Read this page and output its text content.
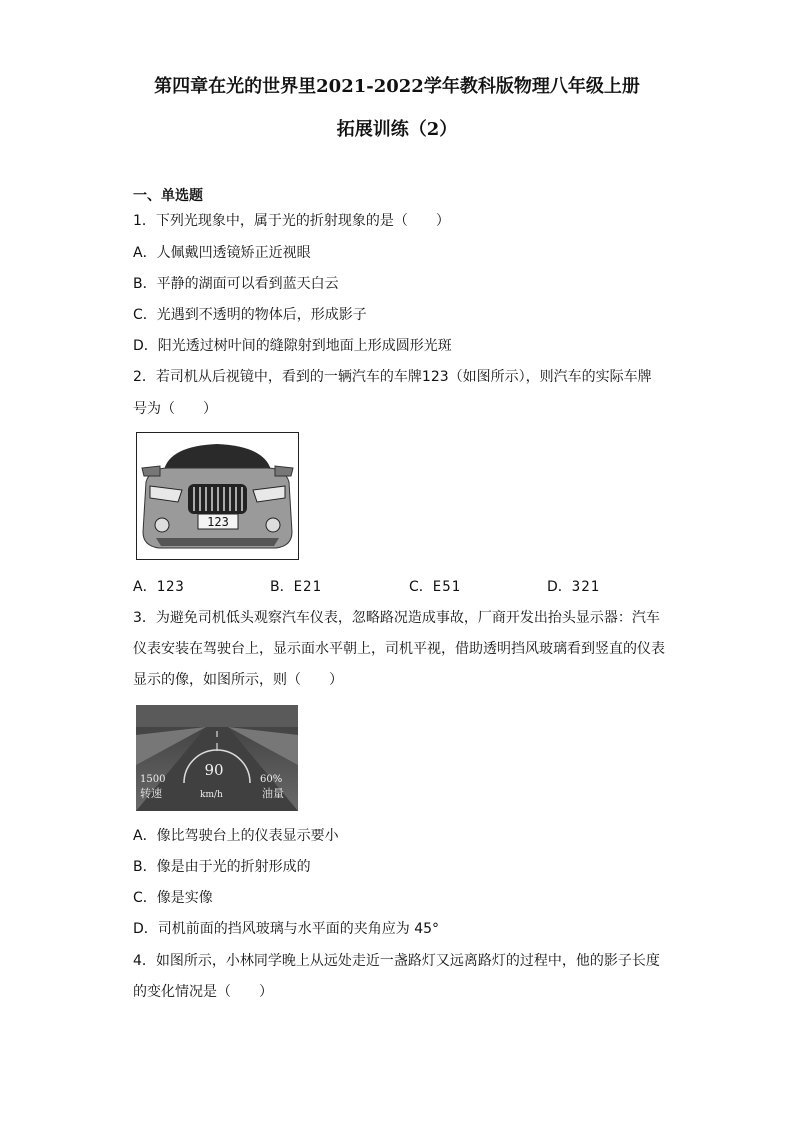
第四章在光的世界里2021-2022学年教科版物理八年级上册
拓展训练（2）
一、单选题
1．下列光现象中，属于光的折射现象的是（　　）
A．人佩戴凹透镜矫正近视眼
B．平静的湖面可以看到蓝天白云
C．光遇到不透明的物体后，形成影子
D．阳光透过树叶间的缝隙射到地面上形成圆形光斑
2．若司机从后视镜中，看到的一辆汽车的车牌123（如图所示），则汽车的实际车牌
号为（　　）
123
A．123	B．E21	C．E51	D．321
3．为避免司机低头观察汽车仪表，忽略路况造成事故，厂商开发出抬头显示器：汽车
仪表安装在驾驶台上，显示面水平朝上，司机平视，借助透明挡风玻璃看到竖直的仪表
显示的像，如图所示，则（　　）
90
1500
转速	km/h
60%
油量
A．像比驾驶台上的仪表显示要小
B．像是由于光的折射形成的
C．像是实像
D．司机前面的挡风玻璃与水平面的夹角应为 45°
4．如图所示，小林同学晚上从远处走近一盏路灯又远离路灯的过程中，他的影子长度
的变化情况是（　　）
